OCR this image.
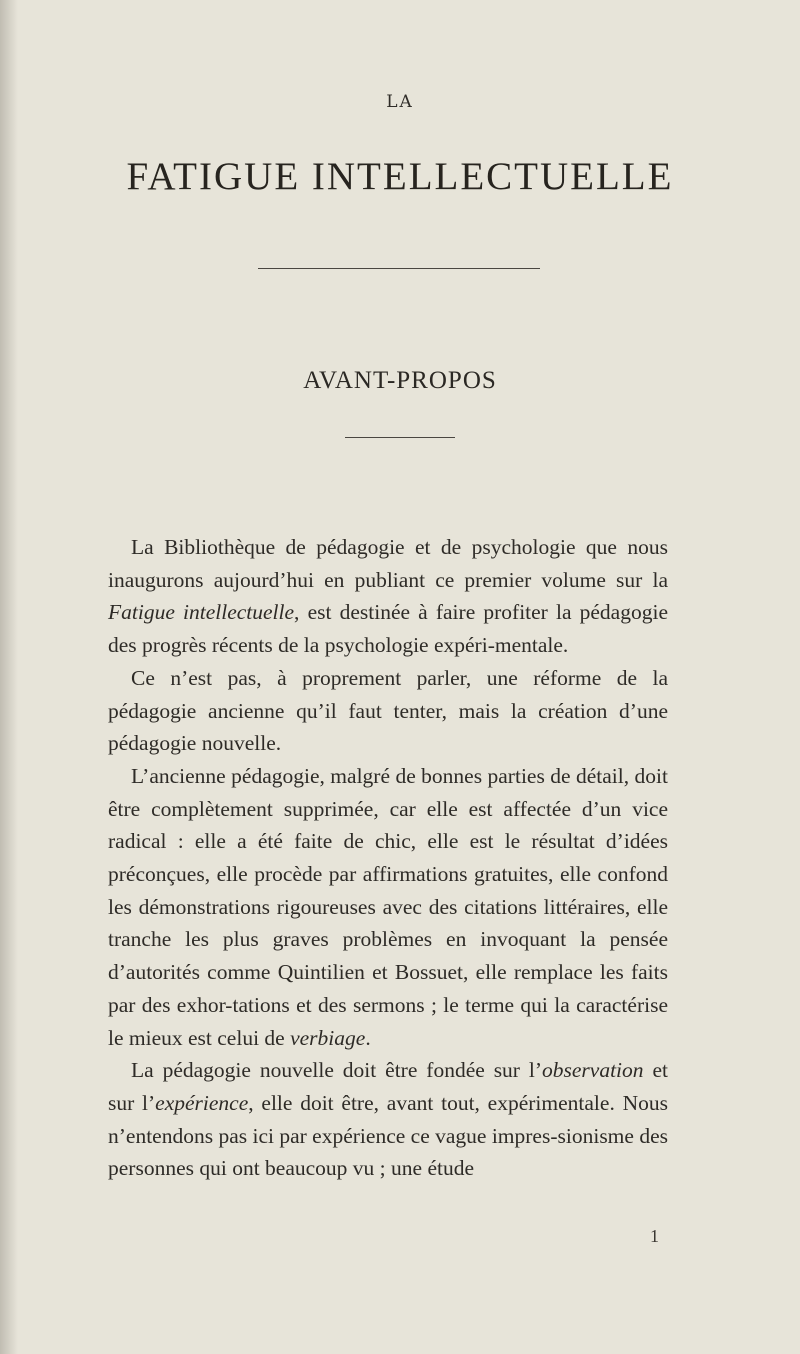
LA
FATIGUE INTELLECTUELLE
AVANT-PROPOS

La Bibliothèque de pédagogie et de psychologie que nous inaugurons aujourd’hui en publiant ce premier volume sur la Fatigue intellectuelle, est destinée à faire profiter la pédagogie des progrès récents de la psychologie expéri-mentale.

Ce n’est pas, à proprement parler, une réforme de la pédagogie ancienne qu’il faut tenter, mais la création d’une pédagogie nouvelle.

L’ancienne pédagogie, malgré de bonnes parties de détail, doit être complètement supprimée, car elle est affectée d’un vice radical : elle a été faite de chic, elle est le résultat d’idées préconçues, elle procède par affirmations gratuites, elle confond les démonstrations rigoureuses avec des citations littéraires, elle tranche les plus graves problèmes en invoquant la pensée d’autorités comme Quintilien et Bossuet, elle remplace les faits par des exhor-tations et des sermons ; le terme qui la caractérise le mieux est celui de verbiage.

La pédagogie nouvelle doit être fondée sur l’observation et sur l’expérience, elle doit être, avant tout, expérimentale. Nous n’entendons pas ici par expérience ce vague impres-sionisme des personnes qui ont beaucoup vu ; une étude

1
